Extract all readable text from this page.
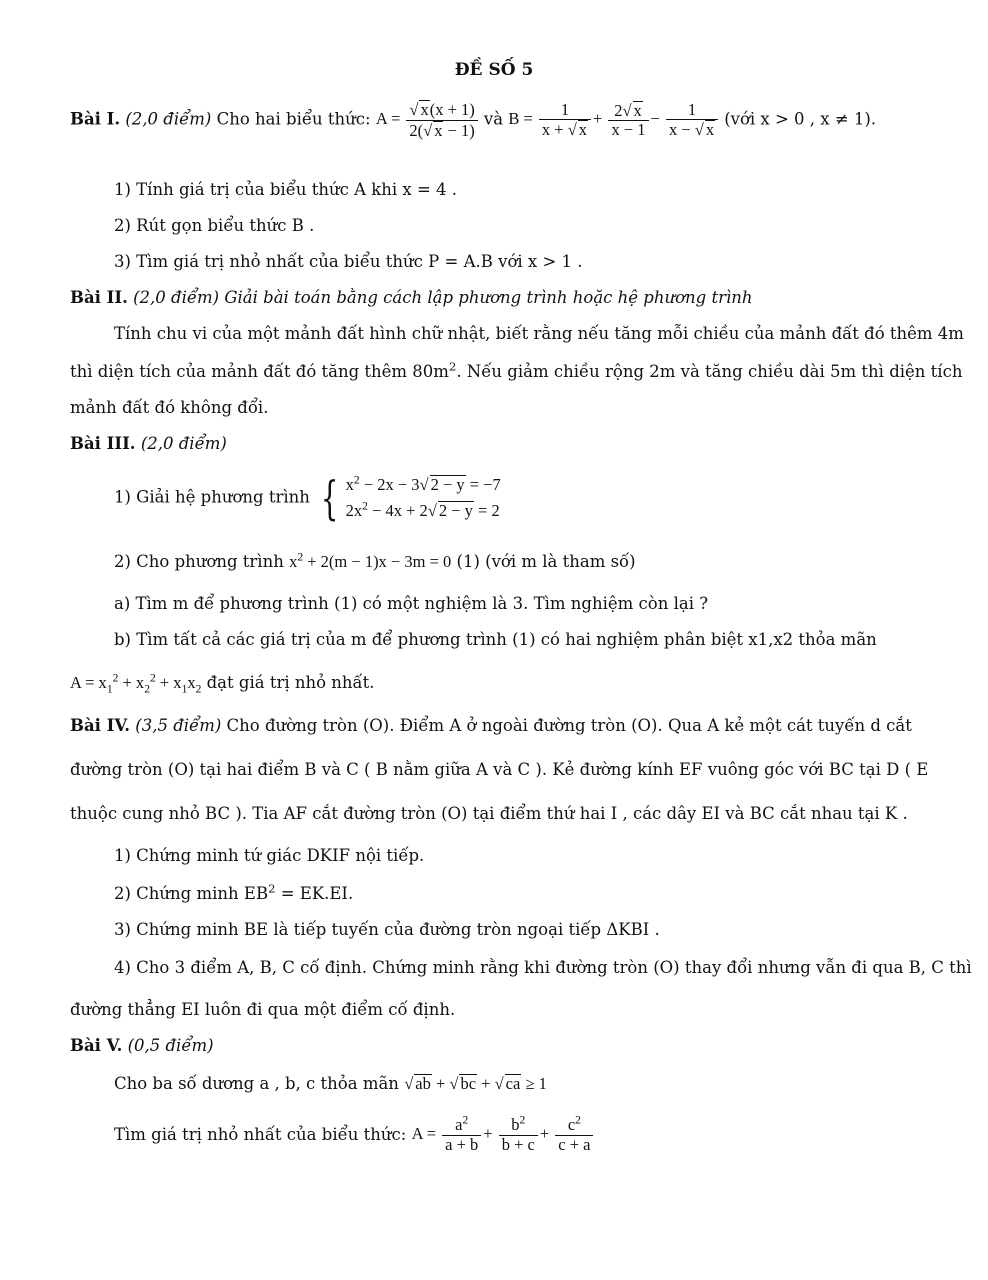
ĐỀ SỐ 5
Bài I. (2,0 điểm) Cho hai biểu thức: $A = \frac{√ x(x + 1)}{2(√ x - 1)}$ và $B = \frac{1}{x + √ x} + \frac{2√ x}{x - 1} - \frac{1}{x - √ x}$ (với x > 0 , x ≠ 1).
1) Tính giá trị của biểu thức A khi x = 4 .
2) Rút gọn biểu thức B .
3) Tìm giá trị nhỏ nhất của biểu thức P = A.B với x > 1 .
Bài II. (2,0 điểm) Giải bài toán bằng cách lập phương trình hoặc hệ phương trình
Tính chu vi của một mảnh đất hình chữ nhật, biết rằng nếu tăng mỗi chiều của mảnh đất đó thêm 4m
thì diện tích của mảnh đất đó tăng thêm $80m^2$. Nếu giảm chiều rộng 2m và tăng chiều dài 5m thì diện tích
mảnh đất đó không đổi.
Bài III. (2,0 điểm)
1) Giải hệ phương trình { $x^2 - 2x - 3√$ 2 − y = −7
$2x^2 - 4x + 2√$ 2 − y = 2
2) Cho phương trình $x^2 + 2(m - 1)x - 3m = 0$ (1) (với m là tham số)
a) Tìm m để phương trình (1) có một nghiệm là 3. Tìm nghiệm còn lại ?
b) Tìm tất cả các giá trị của m để phương trình (1) có hai nghiệm phân biệt x1,x2 thỏa mãn
$A = x_1^2 + x_2^2 + x_1x_2$ đạt giá trị nhỏ nhất.
Bài IV. (3,5 điểm) Cho đường tròn (O). Điểm A ở ngoài đường tròn (O). Qua A kẻ một cát tuyến d cắt
đường tròn (O) tại hai điểm B và C ( B nằm giữa A và C ). Kẻ đường kính EF vuông góc với BC tại D ( E
thuộc cung nhỏ BC ). Tia AF cắt đường tròn (O) tại điểm thứ hai I , các dây EI và BC cắt nhau tại K .
1) Chứng minh tứ giác DKIF nội tiếp.
2) Chứng minh $EB^2 = EK.EI$.
3) Chứng minh BE là tiếp tuyến của đường tròn ngoại tiếp ΔKBI .
4) Cho 3 điểm A, B, C cố định. Chứng minh rằng khi đường tròn (O) thay đổi nhưng vẫn đi qua B, C thì
đường thẳng EI luôn đi qua một điểm cố định.
Bài V. (0,5 điểm)
Cho ba số dương a , b, c thỏa mãn √ ab + √ bc + √ ca ≥ 1
Tìm giá trị nhỏ nhất của biểu thức: $A = \frac{a^2}{a + b} + \frac{b^2}{b + c} + \frac{c^2}{c + a}$
